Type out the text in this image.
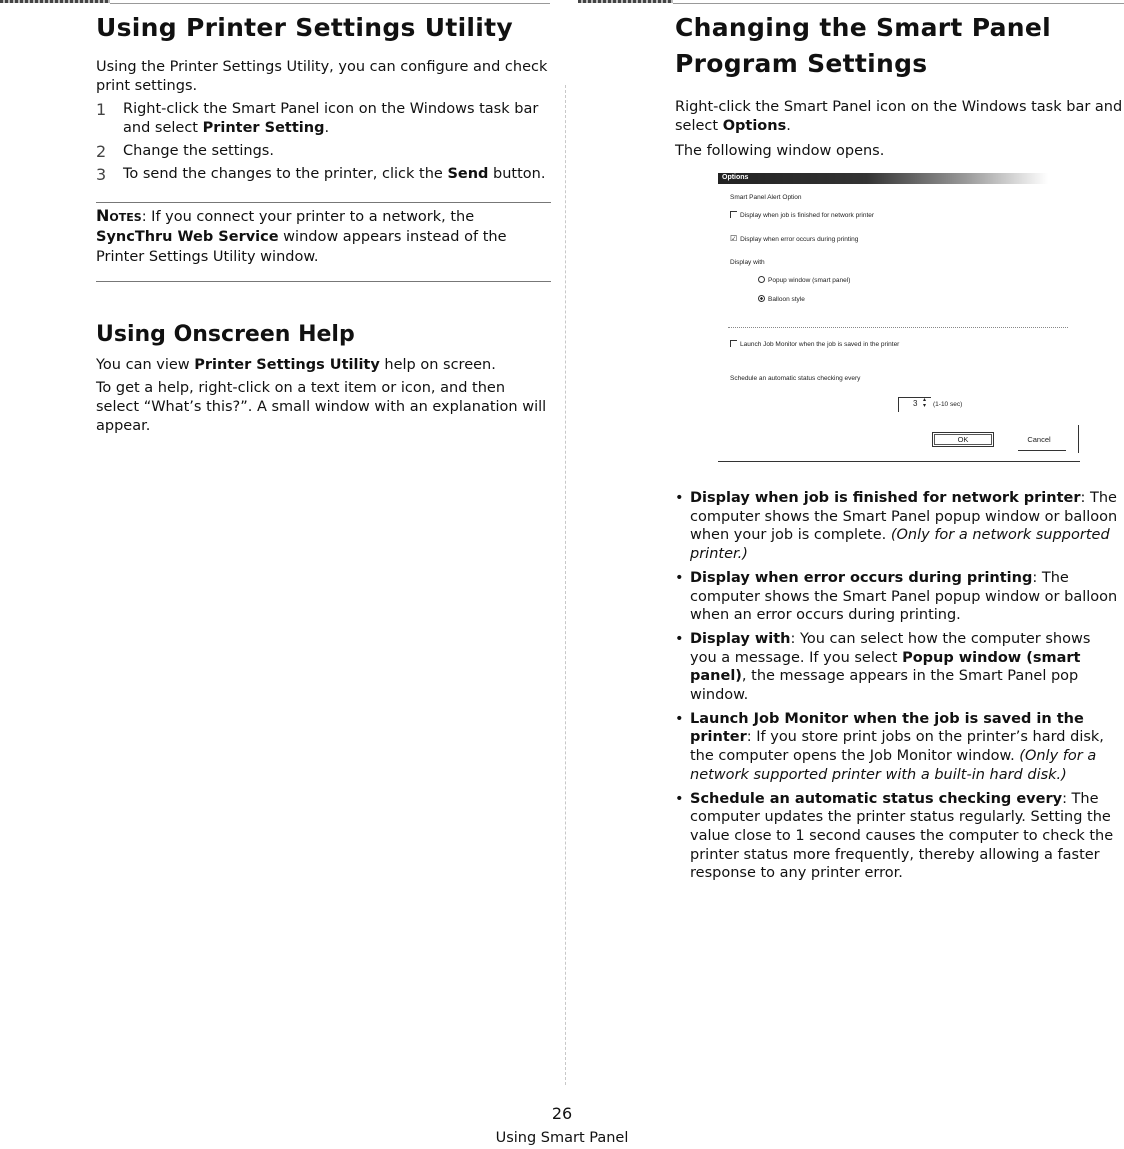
Using Printer Settings Utility

Using the Printer Settings Utility, you can configure and check print settings.

1	Right-click the Smart Panel icon on the Windows task bar and select Printer Setting.
2	Change the settings.
3	To send the changes to the printer, click the Send button.
Notes: If you connect your printer to a network, the SyncThru Web Service window appears instead of the Printer Settings Utility window.
Using Onscreen Help

You can view Printer Settings Utility help on screen.

To get a help, right-click on a text item or icon, and then select “What’s this?”. A small window with an explanation will appear.

Changing the Smart Panel Program Settings

Right-click the Smart Panel icon on the Windows task bar and select Options.

The following window opens.

Options
Smart Panel Alert Option
Display when job is finished for network printer
☑ Display when error occurs during printing
Display with
Popup window (smart panel)
Balloon style
Launch Job Monitor when the job is saved in the printer
Schedule an automatic status checking every
3 ▴
▾ (1-10 sec)
OK	Cancel
• Display when job is finished for network printer: The computer shows the Smart Panel popup window or balloon when your job is complete. (Only for a network supported printer.)
• Display when error occurs during printing: The computer shows the Smart Panel popup window or balloon when an error occurs during printing.
• Display with: You can select how the computer shows you a message. If you select Popup window (smart panel), the message appears in the Smart Panel pop window.
• Launch Job Monitor when the job is saved in the printer: If you store print jobs on the printer’s hard disk, the computer opens the Job Monitor window. (Only for a network supported printer with a built-in hard disk.)
• Schedule an automatic status checking every: The computer updates the printer status regularly. Setting the value close to 1 second causes the computer to check the printer status more frequently, thereby allowing a faster response to any printer error.
26
Using Smart Panel
